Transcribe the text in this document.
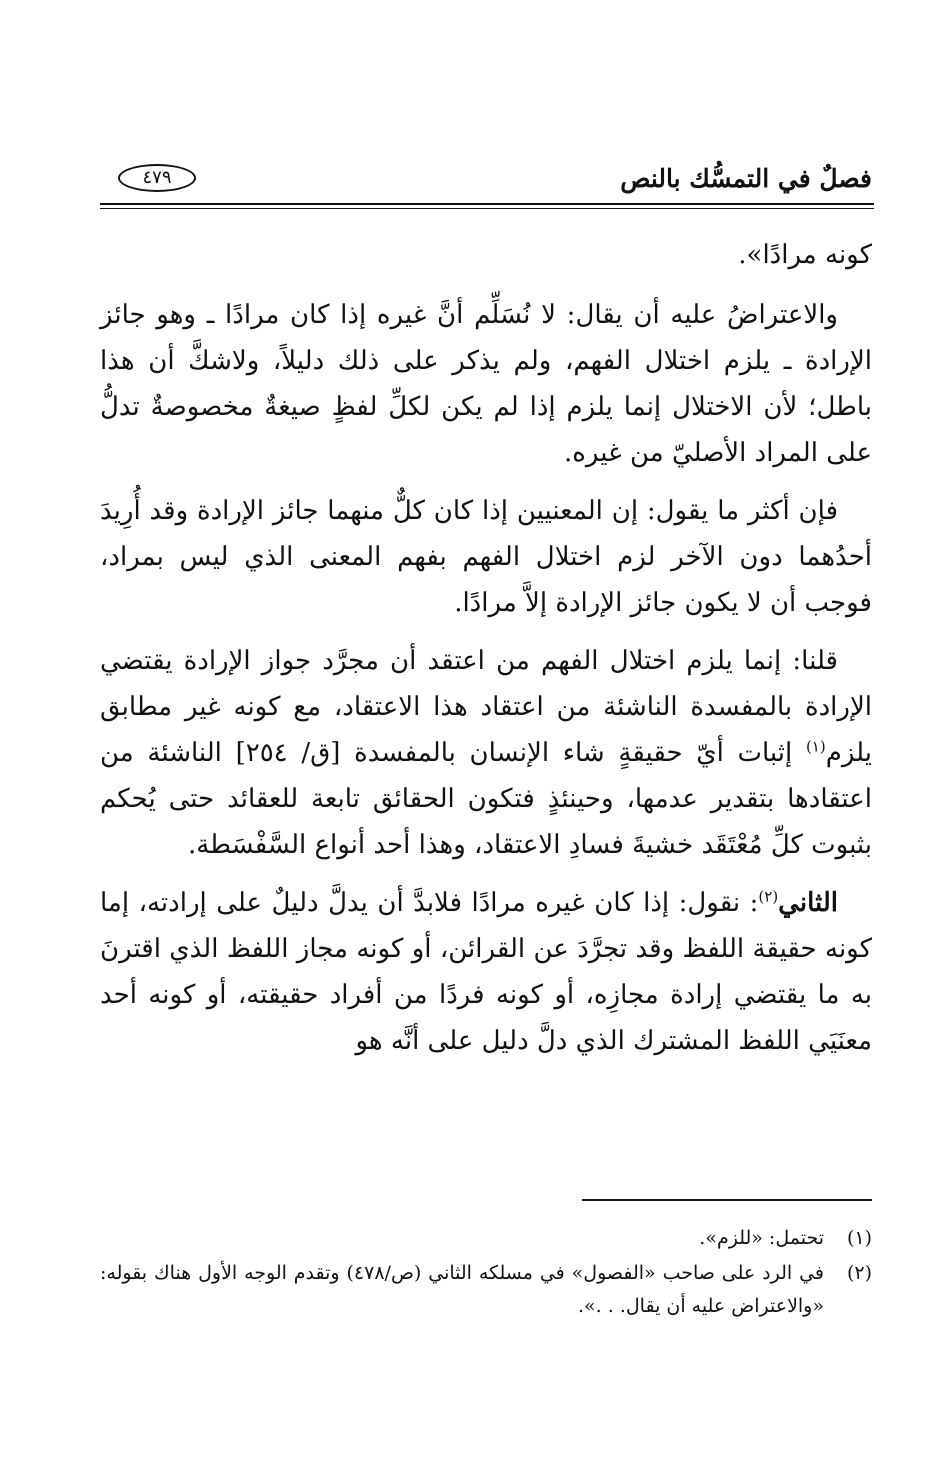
فصلٌ في التمسُّك بالنص
٤٧٩

كونه مرادًا».

والاعتراضُ عليه أن يقال: لا نُسَلِّم أنَّ غيره إذا كان مرادًا ـ وهو جائز الإرادة ـ يلزم اختلال الفهم، ولم يذكر على ذلك دليلاً، ولاشكَّ أن هذا باطل؛ لأن الاختلال إنما يلزم إذا لم يكن لكلِّ لفظٍ صيغةٌ مخصوصةٌ تدلُّ على المراد الأصليّ من غيره.

فإن أكثر ما يقول: إن المعنيين إذا كان كلٌّ منهما جائز الإرادة وقد أُرِيدَ أحدُهما دون الآخر لزم اختلال الفهم بفهم المعنى الذي ليس بمراد، فوجب أن لا يكون جائز الإرادة إلاَّ مرادًا.

قلنا: إنما يلزم اختلال الفهم من اعتقد أن مجرَّد جواز الإرادة يقتضي الإرادة بالمفسدة الناشئة من اعتقاد هذا الاعتقاد، مع كونه غير مطابق يلزم$^{(١)}$ إثبات أيّ حقيقةٍ شاء الإنسان بالمفسدة [ق/ ٢٥٤] الناشئة من اعتقادها بتقدير عدمها، وحينئذٍ فتكون الحقائق تابعة للعقائد حتى يُحكم بثبوت كلِّ مُعْتَقَد خشيةَ فسادِ الاعتقاد، وهذا أحد أنواع السَّفْسَطة.

الثاني$^{(٢)}$: نقول: إذا كان غيره مرادًا فلابدَّ أن يدلَّ دليلٌ على إرادته، إما كونه حقيقة اللفظ وقد تجرَّدَ عن القرائن، أو كونه مجاز اللفظ الذي اقترنَ به ما يقتضي إرادة مجازِه، أو كونه فردًا من أفراد حقيقته، أو كونه أحد معنَيَي اللفظ المشترك الذي دلَّ دليل على أنَّه هو

(١)
تحتمل: «للزم».

(٢)
في الرد على صاحب «الفصول» في مسلكه الثاني (ص/٤٧٨) وتقدم الوجه الأول هناك بقوله: «والاعتراض عليه أن يقال. . .».
